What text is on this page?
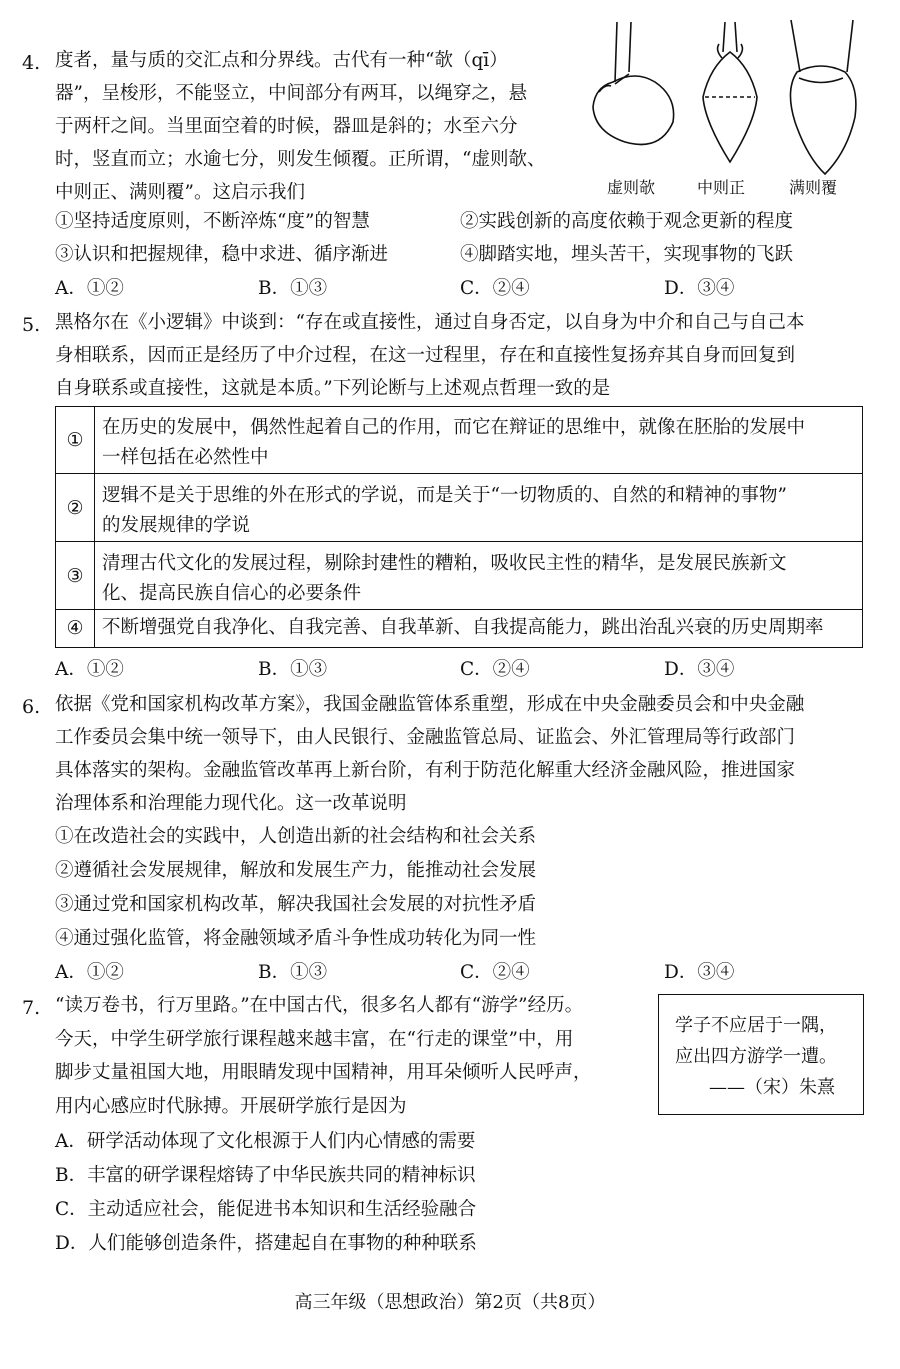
4. 度者，量与质的交汇点和分界线。古代有一种“欹（qī）
器”，呈梭形，不能竖立，中间部分有两耳，以绳穿之，悬
于两杆之间。当里面空着的时候，器皿是斜的；水至六分
时，竖直而立；水逾七分，则发生倾覆。正所谓，“虚则欹、
中则正、满则覆”。这启示我们	虚则欹	中则正	满则覆
①坚持适度原则，不断淬炼“度”的智慧	②实践创新的高度依赖于观念更新的程度
③认识和把握规律，稳中求进、循序渐进	④脚踏实地，埋头苦干，实现事物的飞跃
A．①②	B．①③	C．②④	D．③④
5. 黑格尔在《小逻辑》中谈到：“存在或直接性，通过自身否定，以自身为中介和自己与自己本
身相联系，因而正是经历了中介过程，在这一过程里，存在和直接性复扬弃其自身而回复到
自身联系或直接性，这就是本质。”下列论断与上述观点哲理一致的是
①
在历史的发展中，偶然性起着自己的作用，而它在辩证的思维中，就像在胚胎的发展中
一样包括在必然性中
②
逻辑不是关于思维的外在形式的学说，而是关于“一切物质的、自然的和精神的事物”
的发展规律的学说
③
清理古代文化的发展过程，剔除封建性的糟粕，吸收民主性的精华，是发展民族新文
化、提高民族自信心的必要条件
④ 不断增强党自我净化、自我完善、自我革新、自我提高能力，跳出治乱兴衰的历史周期率
A．①②	B．①③	C．②④	D．③④
6. 依据《党和国家机构改革方案》，我国金融监管体系重塑，形成在中央金融委员会和中央金融
工作委员会集中统一领导下，由人民银行、金融监管总局、证监会、外汇管理局等行政部门
具体落实的架构。金融监管改革再上新台阶，有利于防范化解重大经济金融风险，推进国家
治理体系和治理能力现代化。这一改革说明
①在改造社会的实践中，人创造出新的社会结构和社会关系
②遵循社会发展规律，解放和发展生产力，能推动社会发展
③通过党和国家机构改革，解决我国社会发展的对抗性矛盾
④通过强化监管，将金融领域矛盾斗争性成功转化为同一性
A．①②	B．①③	C．②④	D．③④
7. “读万卷书，行万里路。”在中国古代，很多名人都有“游学”经历。
今天，中学生研学旅行课程越来越丰富，在“行走的课堂”中，用
脚步丈量祖国大地，用眼睛发现中国精神，用耳朵倾听人民呼声，
用内心感应时代脉搏。开展研学旅行是因为
学子不应居于一隅，
应出四方游学一遭。
——（宋）朱熹
A．研学活动体现了文化根源于人们内心情感的需要
B．丰富的研学课程熔铸了中华民族共同的精神标识
C．主动适应社会，能促进书本知识和生活经验融合
D．人们能够创造条件，搭建起自在事物的种种联系
高三年级（思想政治）第2页（共8页）
